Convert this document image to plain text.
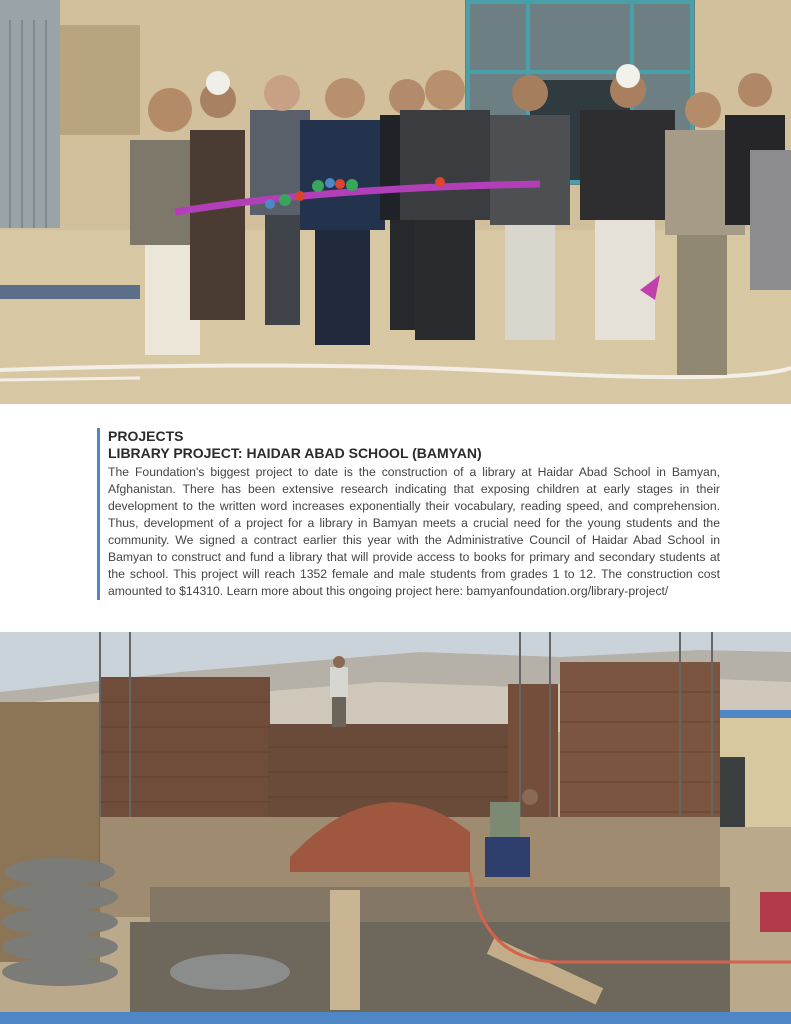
PROJECTS
LIBRARY PROJECT: HAIDAR ABAD SCHOOL (BAMYAN)

The Foundation's biggest project to date is the construction of a library at Haidar Abad School in Bamyan, Afghanistan. There has been extensive research indicating that exposing children at early stages in their development to the written word increases exponentially their vocabulary, reading speed, and comprehension. Thus, development of a project for a library in Bamyan meets a crucial need for the young students and the community. We signed a contract earlier this year with the Administrative Council of Haidar Abad School in Bamyan to construct and fund a library that will provide access to books for primary and secondary students at the school. This project will reach 1352 female and male students from grades 1 to 12. The construction cost amounted to $14310. Learn more about this ongoing project here: bamyanfoundation.org/library-project/
